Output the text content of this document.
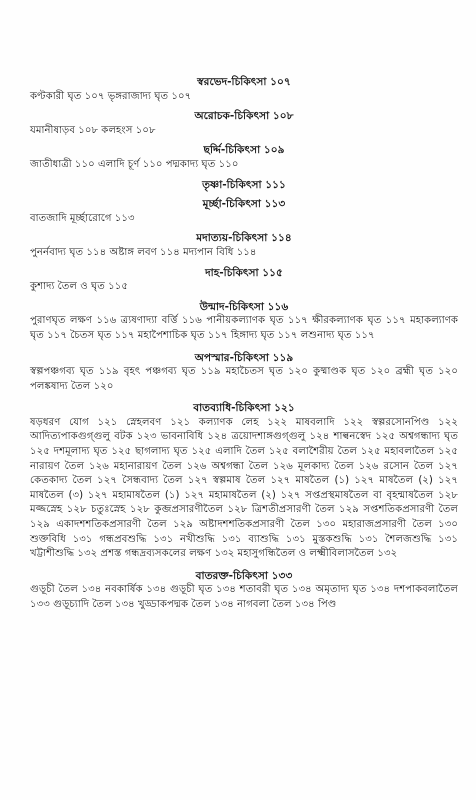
স্বরভেদ-চিকিৎসা ১০৭
কণ্টকারী ঘৃত ১০৭ ভৃঙ্গরাজাদ্য ঘৃত ১০৭
অরোচক-চিকিৎসা ১০৮
যমানীষাড়ব ১০৮ কলহংস ১০৮
ছর্দ্দি-চিকিৎসা ১০৯
জাতীধাত্রী ১১০ এলাদি চূর্ণ ১১০ পদ্মকাদ্য ঘৃত ১১০
তৃষ্ণা-চিকিৎসা ১১১
মূর্চ্ছা-চিকিৎসা ১১৩
বাতজাদি মূর্চ্ছারোগে ১১৩
মদাত্যয়-চিকিৎসা ১১৪
পুনর্নবাদ্য ঘৃত ১১৪ অষ্টাঙ্গ লবণ ১১৪ মদ্যপান বিধি ১১৪
দাহ-চিকিৎসা ১১৫
কুশাদ্য তৈল ও ঘৃত ১১৫
উন্মাদ-চিকিৎসা ১১৬
পুরাণঘৃত লক্ষণ ১১৬ ত্র্যষণাদ্যা বর্ত্তি ১১৬ পানীয়কল্যাণক ঘৃত ১১৭ ক্ষীরকল্যাণক ঘৃত ১১৭ মহাকল্যাণক ঘৃত ১১৭ চৈতস ঘৃত ১১৭ মহাপৈশাচিক ঘৃত ১১৭ হিঙ্গাদ্য ঘৃত ১১৭ লশুনাদ্য ঘৃত ১১৭
অপস্মার-চিকিৎসা ১১৯
স্বল্পপঞ্চগব্য ঘৃত ১১৯ বৃহৎ পঞ্চগব্য ঘৃত ১১৯ মহাচৈতস ঘৃত ১২০ কুষ্মাণ্ডক ঘৃত ১২০ ব্রহ্মী ঘৃত ১২০ পলঙ্কষাদ্য তৈল ১২০
বাতব্যাধি-চিকিৎসা ১২১
ষড়ধরণ যোগ ১২১ স্নেহলবণ ১২১ কল্যাণক লেহ ১২২ মাষবলাদি ১২২ স্বল্পরসোনপিণ্ড ১২২ আদিত্যপাকগুগ্গুলু বটক ১২৩ ভাবনাবিধি ১২৪ ত্রয়োদশাঙ্গগুগ্গুলু ১২৪ শাল্বনস্বেদ ১২৫ অশ্বগন্ধাদ্য ঘৃত ১২৫ দশমূলাদ্য ঘৃত ১২৫ ছাগলাদ্য ঘৃত ১২৫ এলাদি তৈল ১২৫ বলাশৈরীয় তৈল ১২৫ মহাবলাতৈল ১২৫ নারায়ণ তৈল ১২৬ মহানারায়ণ তৈল ১২৬ অশ্বগন্ধা তৈল ১২৬ মূলকাদ্য তৈল ১২৬ রসোন তৈল ১২৭ কেতকাদ্য তৈল ১২৭ সৈন্ধবাদ্য তৈল ১২৭ স্বল্পমাষ তৈল ১২৭ মাষতৈল (১) ১২৭ মাষতৈল (২) ১২৭ মাষতৈল (৩) ১২৭ মহামাষতৈল (১) ১২৭ মহামাষতৈল (২) ১২৭ সপ্তপ্রস্থমাষতৈল বা বৃহন্মাষতৈল ১২৮ মজ্জস্নেহ ১২৮ চতুঃস্নেহ ১২৮ কুব্জপ্রসারণীতৈল ১২৮ ত্রিশতীপ্রসারণী তৈল ১২৯ সপ্তশতিকপ্রসারণী তৈল ১২৯ একাদশশতিকপ্রসারণী তৈল ১২৯ অষ্টাদশশতিকপ্রসারণী তৈল ১৩০ মহারাজপ্রসারণী তৈল ১৩০ শুক্তবিধি ১৩১ গন্ধপ্রবশুদ্ধি ১৩১ নখীশুদ্ধি ১৩১ ব্যাশুদ্ধি ১৩১ মুস্তকশুদ্ধি ১৩১ শৈলজশুদ্ধি ১৩১ খট্টাশীশুদ্ধি ১৩২ প্রশস্ত গন্ধদ্রব্যসকলের লক্ষণ ১৩২ মহাসুগন্ধিতৈল ও লক্ষ্মীবিলাসতৈল ১৩২
বাতরক্ত-চিকিৎসা ১৩৩
গুড়ূচী তৈল ১৩৪ নবকার্ষিক ১৩৪ গুড়ূচী ঘৃত ১৩৪ শতাবরী ঘৃত ১৩৪ অমৃতাদ্য ঘৃত ১৩৪ দশপাকবলাতৈল ১৩৩ গুড়ূচ্যাদি তৈল ১৩৪ খুড্ডাকপদ্মক তৈল ১৩৪ নাগবলা তৈল ১৩৪ পিণ্ড
